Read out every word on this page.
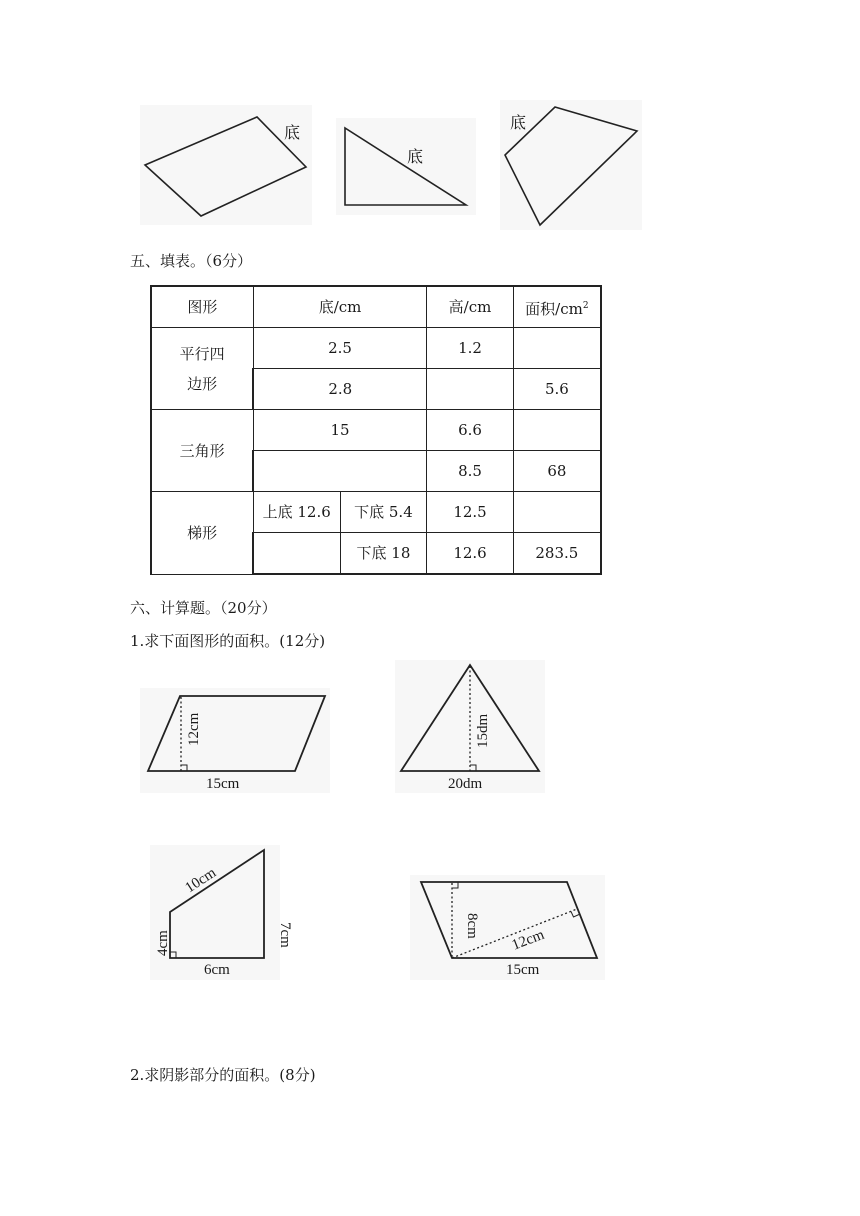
底
底
底
五、填表。（6分）
图形	底/cm		高/cm	面积$/cm^2$

平行四
边形	2.5		1.2	
	2.8			5.6
三角形	15		6.6	
			8.5	68
梯形	上底 12.6	下底 5.4	12.5	
		下底 18	12.6	283.5
六、计算题。（20分）
1.求下面图形的面积。(12分)
12cm
15cm
15dm
20dm
10cm
7cm
4cm
6cm
8cm
12cm
15cm
2.求阴影部分的面积。(8分)
